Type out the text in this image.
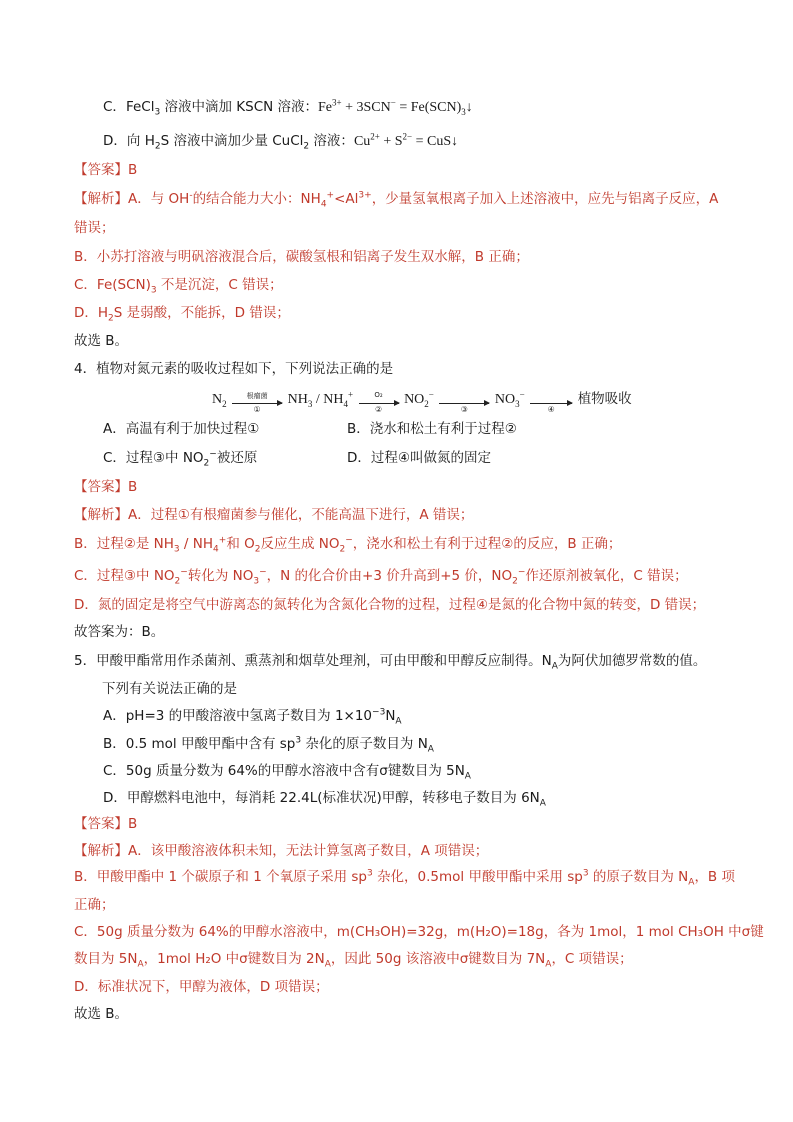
C．FeCl$_3$ 溶液中滴加 KSCN 溶液：$Fe^{3+} + 3SCN^-$ = $Fe(SCN)_3↓$
D．向 $H_2S$ 溶液中滴加少量 CuCl$_2$ 溶液：$Cu^{2+} + S^{2-}$ = CuS↓
【答案】B
【解析】A．与 OH-的结合能力大小：$NH_4^+<Al^{3+}$，少量氢氧根离子加入上述溶液中，应先与铝离子反应，A
错误；
B．小苏打溶液与明矾溶液混合后，碳酸氢根和铝离子发生双水解，B 正确；
C．$Fe(SCN)_3$ 不是沉淀，C 错误；
D．$H_2S$ 是弱酸，不能拆，D 错误；
故选 B。
4．植物对氮元素的吸收过程如下，下列说法正确的是
$N_2$
根瘤菌
①
$NH_3 / NH_4^+$	O₂
②
$NO_2^-$
③
$NO_3^-$
④
植物吸收
A．高温有利于加快过程①	B．浇水和松土有利于过程②
C．过程③中 $NO_2^-$被还原	D．过程④叫做氮的固定
【答案】B
【解析】A．过程①有根瘤菌参与催化，不能高温下进行，A 错误；
B．过程②是 $NH_3 / NH_4^+$和 $O_2$反应生成 $NO_2^-$，浇水和松土有利于过程②的反应，B 正确；
C．过程③中 $NO_2^-$转化为 $NO_3^-$，N 的化合价由+3 价升高到+5 价，$NO_2^-$作还原剂被氧化，C 错误；
D．氮的固定是将空气中游离态的氮转化为含氮化合物的过程，过程④是氮的化合物中氮的转变，D 错误；
故答案为：B。
5．甲酸甲酯常用作杀菌剂、熏蒸剂和烟草处理剂，可由甲酸和甲醇反应制得。$N_A$为阿伏加德罗常数的值。
下列有关说法正确的是
A．pH=3 的甲酸溶液中氢离子数目为 $1\times 10^{-3}N_A$
B．0.5 mol 甲酸甲酯中含有 $sp^3$ 杂化的原子数目为 $N_A$
C．50g 质量分数为 64%的甲醇水溶液中含有σ键数目为 $5N_A$
D．甲醇燃料电池中，每消耗 22.4L(标准状况)甲醇，转移电子数目为 $6N_A$
【答案】B
【解析】A．该甲酸溶液体积未知，无法计算氢离子数目，A 项错误；
B．甲酸甲酯中 1 个碳原子和 1 个氧原子采用 $sp^3$ 杂化，0.5mol 甲酸甲酯中采用 $sp^3$ 的原子数目为 $N_A$，B 项
正确；
C．50g 质量分数为 64%的甲醇水溶液中，m(CH₃OH)=32g，m(H₂O)=18g，各为 1mol，1 mol CH₃OH 中σ键
数目为 $5N_A$，1mol H₂O 中σ键数目为 $2N_A$，因此 50g 该溶液中σ键数目为 $7N_A$，C 项错误；
D．标准状况下，甲醇为液体，D 项错误；
故选 B。
